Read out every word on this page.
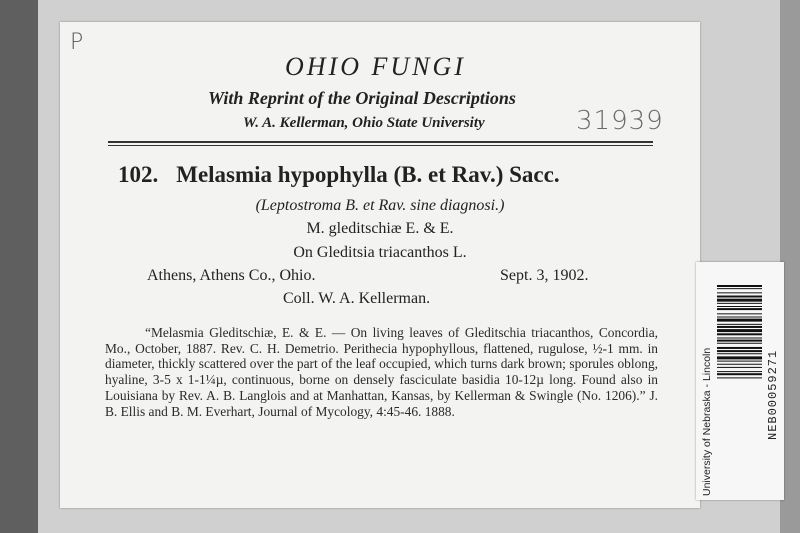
P
31939
OHIO FUNGI
With Reprint of the Original Descriptions
W. A. Kellerman, Ohio State University
102. Melasmia hypophylla (B. et Rav.) Sacc.
(Leptostroma B. et Rav. sine diagnosi.)
M. gleditschiæ E. & E.
On Gleditsia triacanthos L.
Athens, Athens Co., Ohio.	Sept. 3, 1902.
Coll. W. A. Kellerman.

“Melasmia Gleditschiæ, E. & E. — On living leaves of Gleditschia triacanthos, Concordia, Mo., October, 1887. Rev. C. H. Demetrio. Perithecia hypophyllous, flattened, rugulose, ½-1 mm. in diameter, thickly scattered over the part of the leaf occupied, which turns dark brown; sporules oblong, hyaline, 3-5 x 1-1¼µ, continuous, borne on densely fasciculate basidia 10-12µ long. Found also in Louisiana by Rev. A. B. Langlois and at Manhattan, Kansas, by Kellerman & Swingle (No. 1206).” J. B. Ellis and B. M. Everhart, Journal of Mycology, 4:45-46. 1888.	University of Nebraska - Lincoln	NEB00059271
